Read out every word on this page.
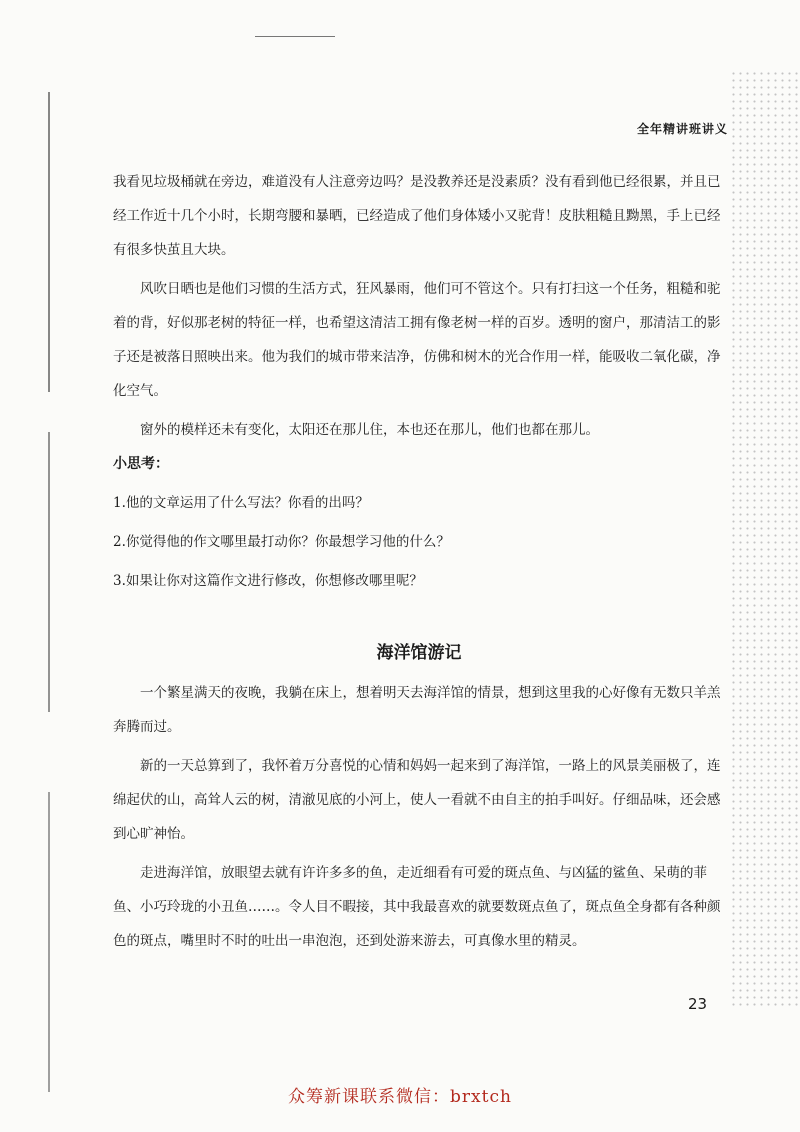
全年精讲班讲义

我看见垃圾桶就在旁边，难道没有人注意旁边吗？是没教养还是没素质？没有看到他已经很累，并且已经工作近十几个小时，长期弯腰和暴晒，已经造成了他们身体矮小又驼背！皮肤粗糙且黝黑，手上已经有很多快茧且大块。

风吹日晒也是他们习惯的生活方式，狂风暴雨，他们可不管这个。只有打扫这一个任务，粗糙和驼着的背，好似那老树的特征一样，也希望这清洁工拥有像老树一样的百岁。透明的窗户，那清洁工的影子还是被落日照映出来。他为我们的城市带来洁净，仿佛和树木的光合作用一样，能吸收二氧化碳，净化空气。

窗外的模样还未有变化，太阳还在那儿住，本也还在那儿，他们也都在那儿。

小思考：

1.他的文章运用了什么写法？你看的出吗？

2.你觉得他的作文哪里最打动你？你最想学习他的什么？

3.如果让你对这篇作文进行修改，你想修改哪里呢？

海洋馆游记

一个繁星满天的夜晚，我躺在床上，想着明天去海洋馆的情景，想到这里我的心好像有无数只羊羔奔腾而过。

新的一天总算到了，我怀着万分喜悦的心情和妈妈一起来到了海洋馆，一路上的风景美丽极了，连绵起伏的山，高耸人云的树，清澈见底的小河上，使人一看就不由自主的拍手叫好。仔细品味，还会感到心旷神怡。

走进海洋馆，放眼望去就有许许多多的鱼，走近细看有可爱的斑点鱼、与凶猛的鲨鱼、呆萌的菲鱼、小巧玲珑的小丑鱼……。令人目不暇接，其中我最喜欢的就要数斑点鱼了，斑点鱼全身都有各种颜色的斑点，嘴里时不时的吐出一串泡泡，还到处游来游去，可真像水里的精灵。

23
众筹新课联系微信：brxtch
